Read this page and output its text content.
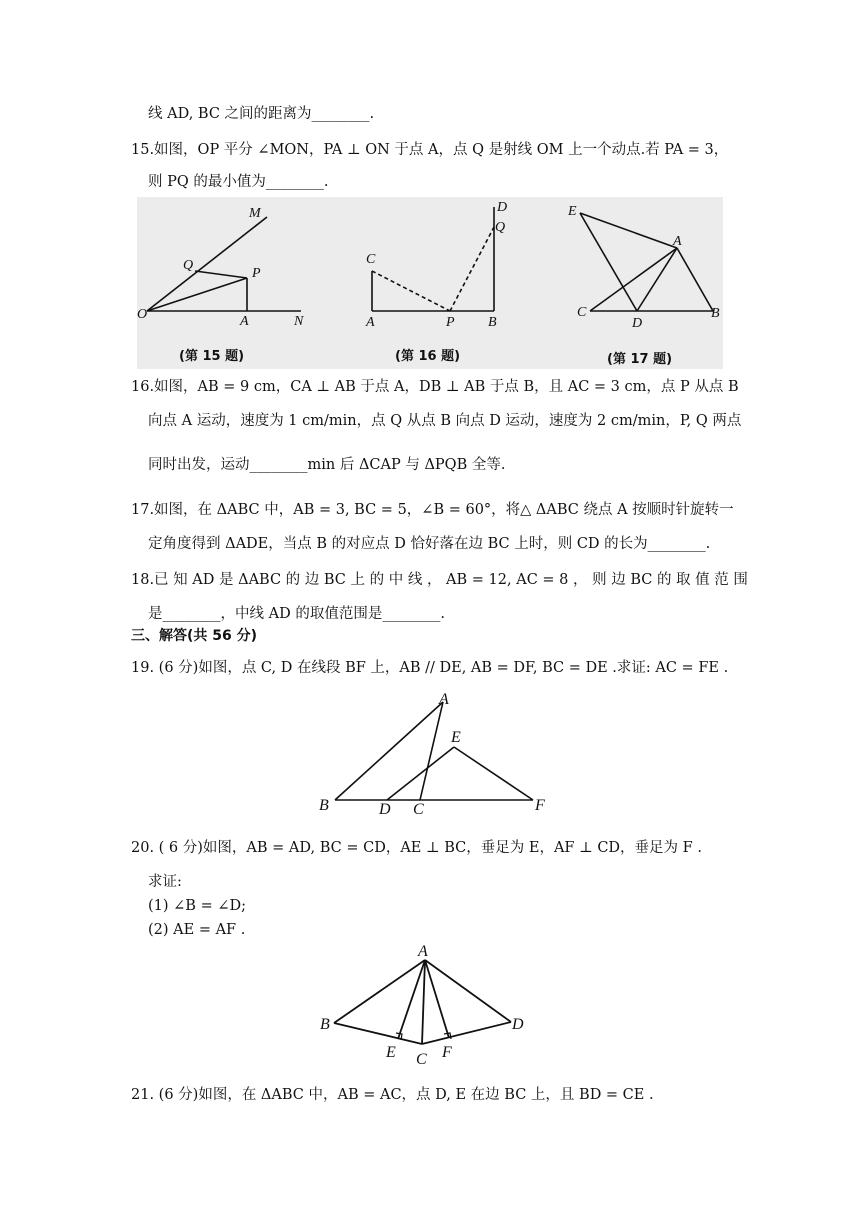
线 AD, BC 之间的距离为________.
15.如图，OP 平分 ∠MON，PA ⊥ ON 于点 A，点 Q 是射线 OM 上一个动点.若 PA = 3，
则 PQ 的最小值为________.
M
Q
P
O	A	N
(第 15 题)
D
Q
C
A	P B
(第 16 题)
E
A
C
D
B
(第 17 题)
16.如图，AB = 9 cm，CA ⊥ AB 于点 A，DB ⊥ AB 于点 B，且 AC = 3 cm，点 P 从点 B
向点 A 运动，速度为 1 cm/min，点 Q 从点 B 向点 D 运动，速度为 2 cm/min，P, Q 两点
同时出发，运动________min 后 ΔCAP 与 ΔPQB 全等.
17.如图，在 ΔABC 中，AB = 3, BC = 5，∠B = 60°，将△ ΔABC 绕点 A 按顺时针旋转一
定角度得到 ΔADE，当点 B 的对应点 D 恰好落在边 BC 上时，则 CD 的长为________.
18.已 知 AD 是 ΔABC 的 边 BC 上 的 中 线 ， AB = 12, AC = 8 ， 则 边 BC 的 取 值 范 围
是________，中线 AD 的取值范围是________.
三、解答(共 56 分)
19. (6 分)如图，点 C, D 在线段 BF 上，AB // DE, AB = DF, BC = DE .求证: AC = FE .
A
E
B	D C	F
20. ( 6 分)如图，AB = AD, BC = CD，AE ⊥ BC，垂足为 E，AF ⊥ CD，垂足为 F .
求证:
(1) ∠B = ∠D;
(2) AE = AF .
A
B	D
E C F
21. (6 分)如图，在 ΔABC 中，AB = AC，点 D, E 在边 BC 上，且 BD = CE .
